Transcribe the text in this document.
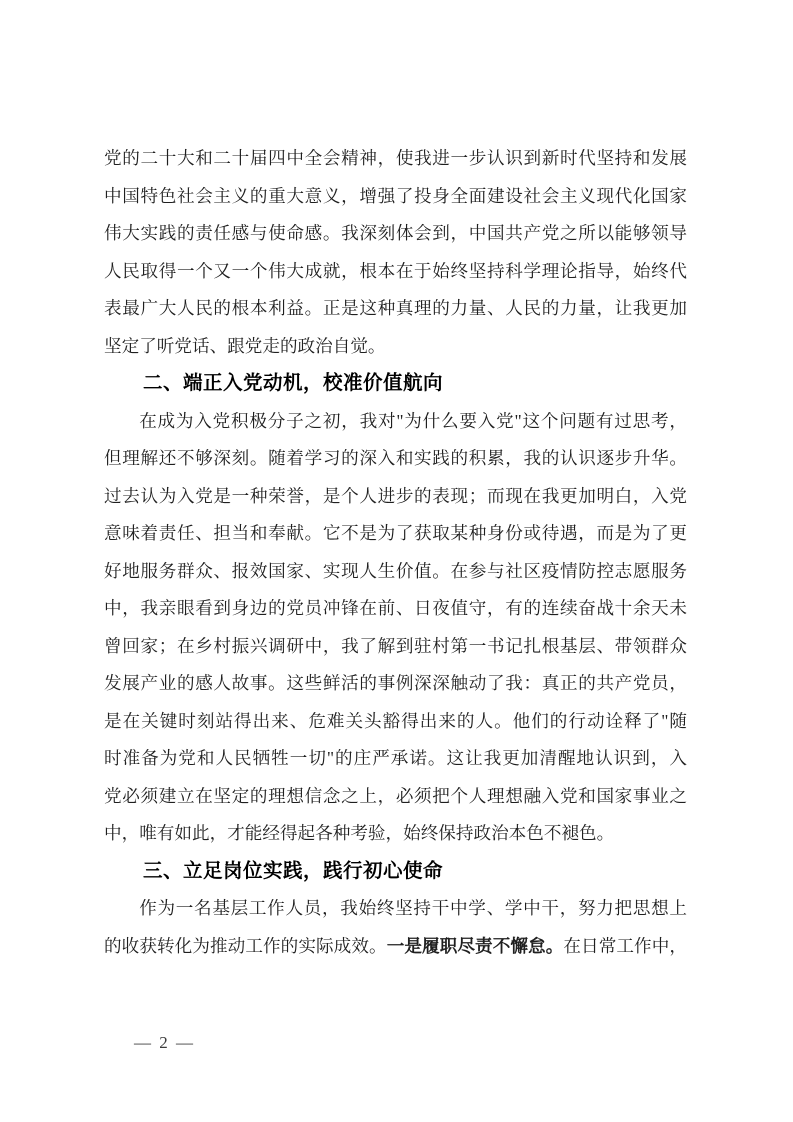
党的二十大和二十届四中全会精神，使我进一步认识到新时代坚持和发展
中国特色社会主义的重大意义，增强了投身全面建设社会主义现代化国家
伟大实践的责任感与使命感。我深刻体会到，中国共产党之所以能够领导
人民取得一个又一个伟大成就，根本在于始终坚持科学理论指导，始终代
表最广大人民的根本利益。正是这种真理的力量、人民的力量，让我更加
坚定了听党话、跟党走的政治自觉。
二、端正入党动机，校准价值航向
在成为入党积极分子之初，我对"为什么要入党"这个问题有过思考，
但理解还不够深刻。随着学习的深入和实践的积累，我的认识逐步升华。
过去认为入党是一种荣誉，是个人进步的表现；而现在我更加明白，入党
意味着责任、担当和奉献。它不是为了获取某种身份或待遇，而是为了更
好地服务群众、报效国家、实现人生价值。在参与社区疫情防控志愿服务
中，我亲眼看到身边的党员冲锋在前、日夜值守，有的连续奋战十余天未
曾回家；在乡村振兴调研中，我了解到驻村第一书记扎根基层、带领群众
发展产业的感人故事。这些鲜活的事例深深触动了我：真正的共产党员，
是在关键时刻站得出来、危难关头豁得出来的人。他们的行动诠释了"随
时准备为党和人民牺牲一切"的庄严承诺。这让我更加清醒地认识到，入
党必须建立在坚定的理想信念之上，必须把个人理想融入党和国家事业之
中，唯有如此，才能经得起各种考验，始终保持政治本色不褪色。
三、立足岗位实践，践行初心使命
作为一名基层工作人员，我始终坚持干中学、学中干，努力把思想上
的收获转化为推动工作的实际成效。一是履职尽责不懈怠。在日常工作中，
— 2 —
